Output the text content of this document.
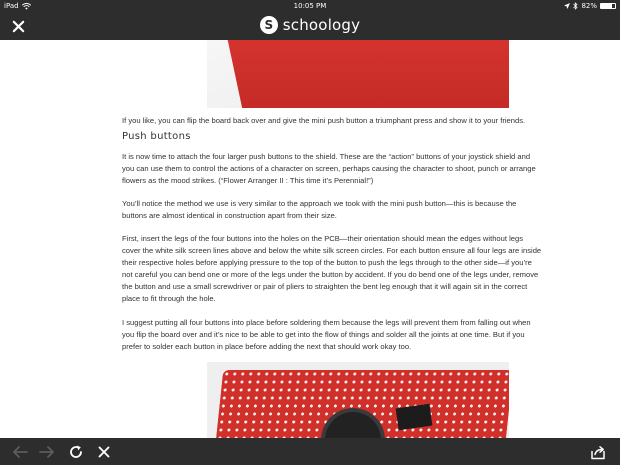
iPad	10:05 PM	82%
S schoology

If you like, you can flip the board back over and give the mini push button a triumphant press and show it to your friends.

Push buttons
It is now time to attach the four larger push buttons to the shield. These are the “action” buttons of your joystick shield and
you can use them to control the actions of a character on screen, perhaps causing the character to shoot, punch or arrange
flowers as the mood strikes. (“Flower Arranger II : This time it’s Perennial!”)
You’ll notice the method we use is very similar to the approach we took with the mini push button—this is because the
buttons are almost identical in construction apart from their size.
First, insert the legs of the four buttons into the holes on the PCB—their orientation should mean the edges without legs
cover the white silk screen lines above and below the white silk screen circles. For each button ensure all four legs are inside
their respective holes before applying pressure to the top of the button to push the legs through to the other side—if you’re
not careful you can bend one or more of the legs under the button by accident. If you do bend one of the legs under, remove
the button and use a small screwdriver or pair of pliers to straighten the bent leg enough that it will again sit in the correct
place to fit through the hole.
I suggest putting all four buttons into place before soldering them because the legs will prevent them from falling out when
you flip the board over and it’s nice to be able to get into the flow of things and solder all the joints at one time. But if you
prefer to solder each button in place before adding the next that should work okay too.
